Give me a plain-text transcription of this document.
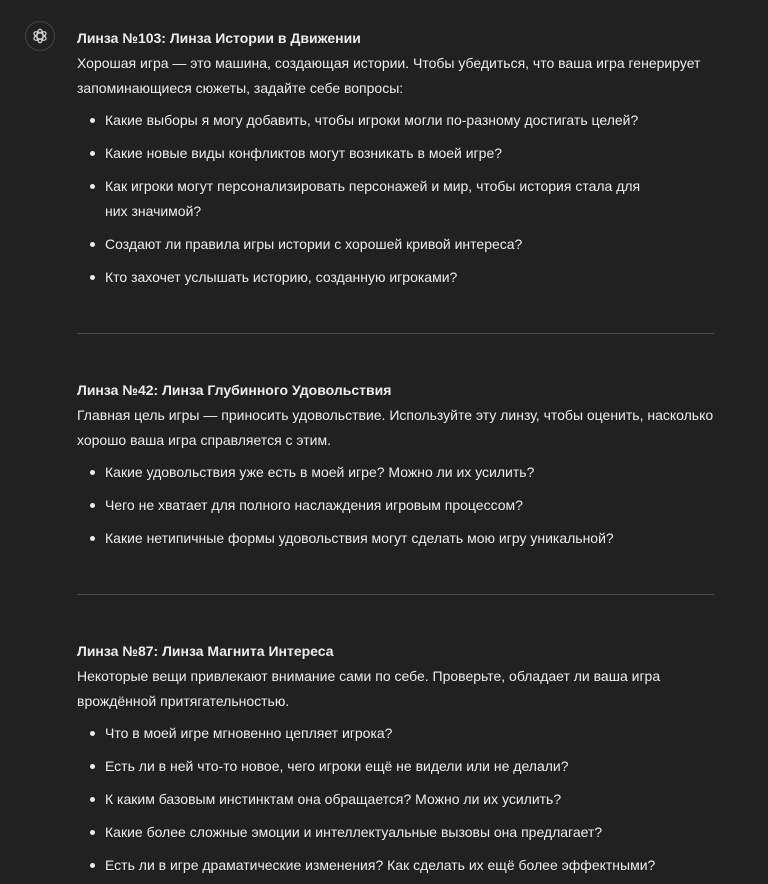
Линза №103: Линза Истории в Движении
Хорошая игра — это машина, создающая истории. Чтобы убедиться, что ваша игра генерирует запоминающиеся сюжеты, задайте себе вопросы:
Какие выборы я могу добавить, чтобы игроки могли по-разному достигать целей?
Какие новые виды конфликтов могут возникать в моей игре?
Как игроки могут персонализировать персонажей и мир, чтобы история стала для них значимой?
Создают ли правила игры истории с хорошей кривой интереса?
Кто захочет услышать историю, созданную игроками?
Линза №42: Линза Глубинного Удовольствия
Главная цель игры — приносить удовольствие. Используйте эту линзу, чтобы оценить, насколько хорошо ваша игра справляется с этим.
Какие удовольствия уже есть в моей игре? Можно ли их усилить?
Чего не хватает для полного наслаждения игровым процессом?
Какие нетипичные формы удовольствия могут сделать мою игру уникальной?
Линза №87: Линза Магнита Интереса
Некоторые вещи привлекают внимание сами по себе. Проверьте, обладает ли ваша игра врождённой притягательностью.
Что в моей игре мгновенно цепляет игрока?
Есть ли в ней что-то новое, чего игроки ещё не видели или не делали?
К каким базовым инстинктам она обращается? Можно ли их усилить?
Какие более сложные эмоции и интеллектуальные вызовы она предлагает?
Есть ли в игре драматические изменения? Как сделать их ещё более эффектными?
